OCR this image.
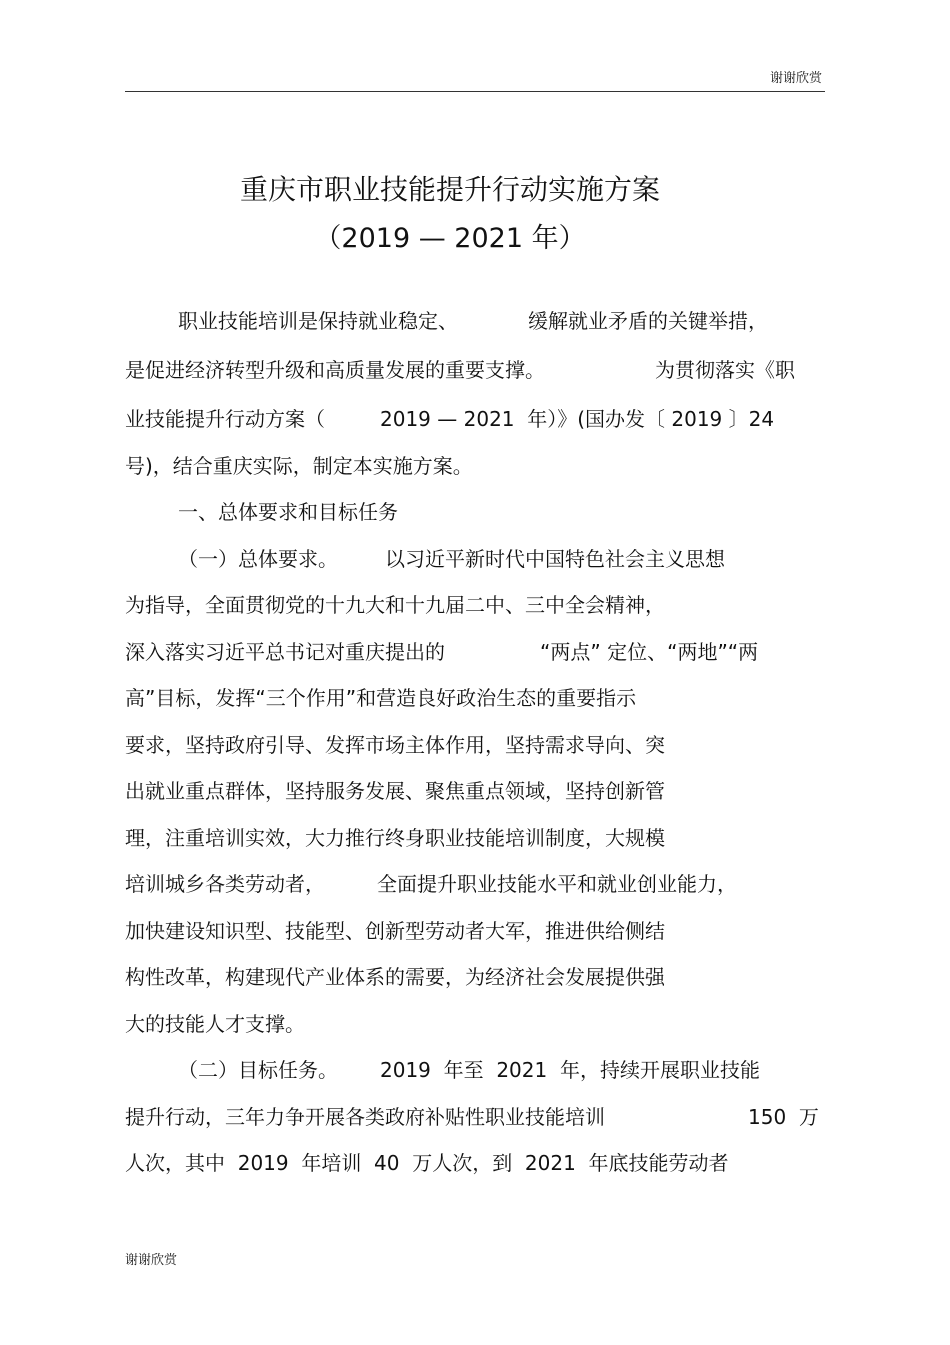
谢谢欣赏
重庆市职业技能提升行动实施方案
（2019 — 2021 年）
职业技能培训是保持就业稳定、	缓解就业矛盾的关键举措，
是促进经济转型升级和高质量发展的重要支撑。	为贯彻落实《职
业技能提升行动方案（	2019 — 2021  年）》(国办发〔 2019 〕24
号)，结合重庆实际，制定本实施方案。
一、总体要求和目标任务
（一）总体要求。 以习近平新时代中国特色社会主义思想
为指导，全面贯彻党的十九大和十九届二中、三中全会精神，
深入落实习近平总书记对重庆提出的	“两点” 定位、“两地”“两
高”目标，发挥“三个作用”和营造良好政治生态的重要指示
要求，坚持政府引导、发挥市场主体作用，坚持需求导向、突
出就业重点群体，坚持服务发展、聚焦重点领域，坚持创新管
理，注重培训实效，大力推行终身职业技能培训制度，大规模
培训城乡各类劳动者，	全面提升职业技能水平和就业创业能力，
加快建设知识型、技能型、创新型劳动者大军，推进供给侧结
构性改革，构建现代产业体系的需要，为经济社会发展提供强
大的技能人才支撑。
（二）目标任务。 2019  年至  2021  年，持续开展职业技能
提升行动，三年力争开展各类政府补贴性职业技能培训	150  万
人次，其中  2019  年培训  40  万人次，到  2021  年底技能劳动者
谢谢欣赏
